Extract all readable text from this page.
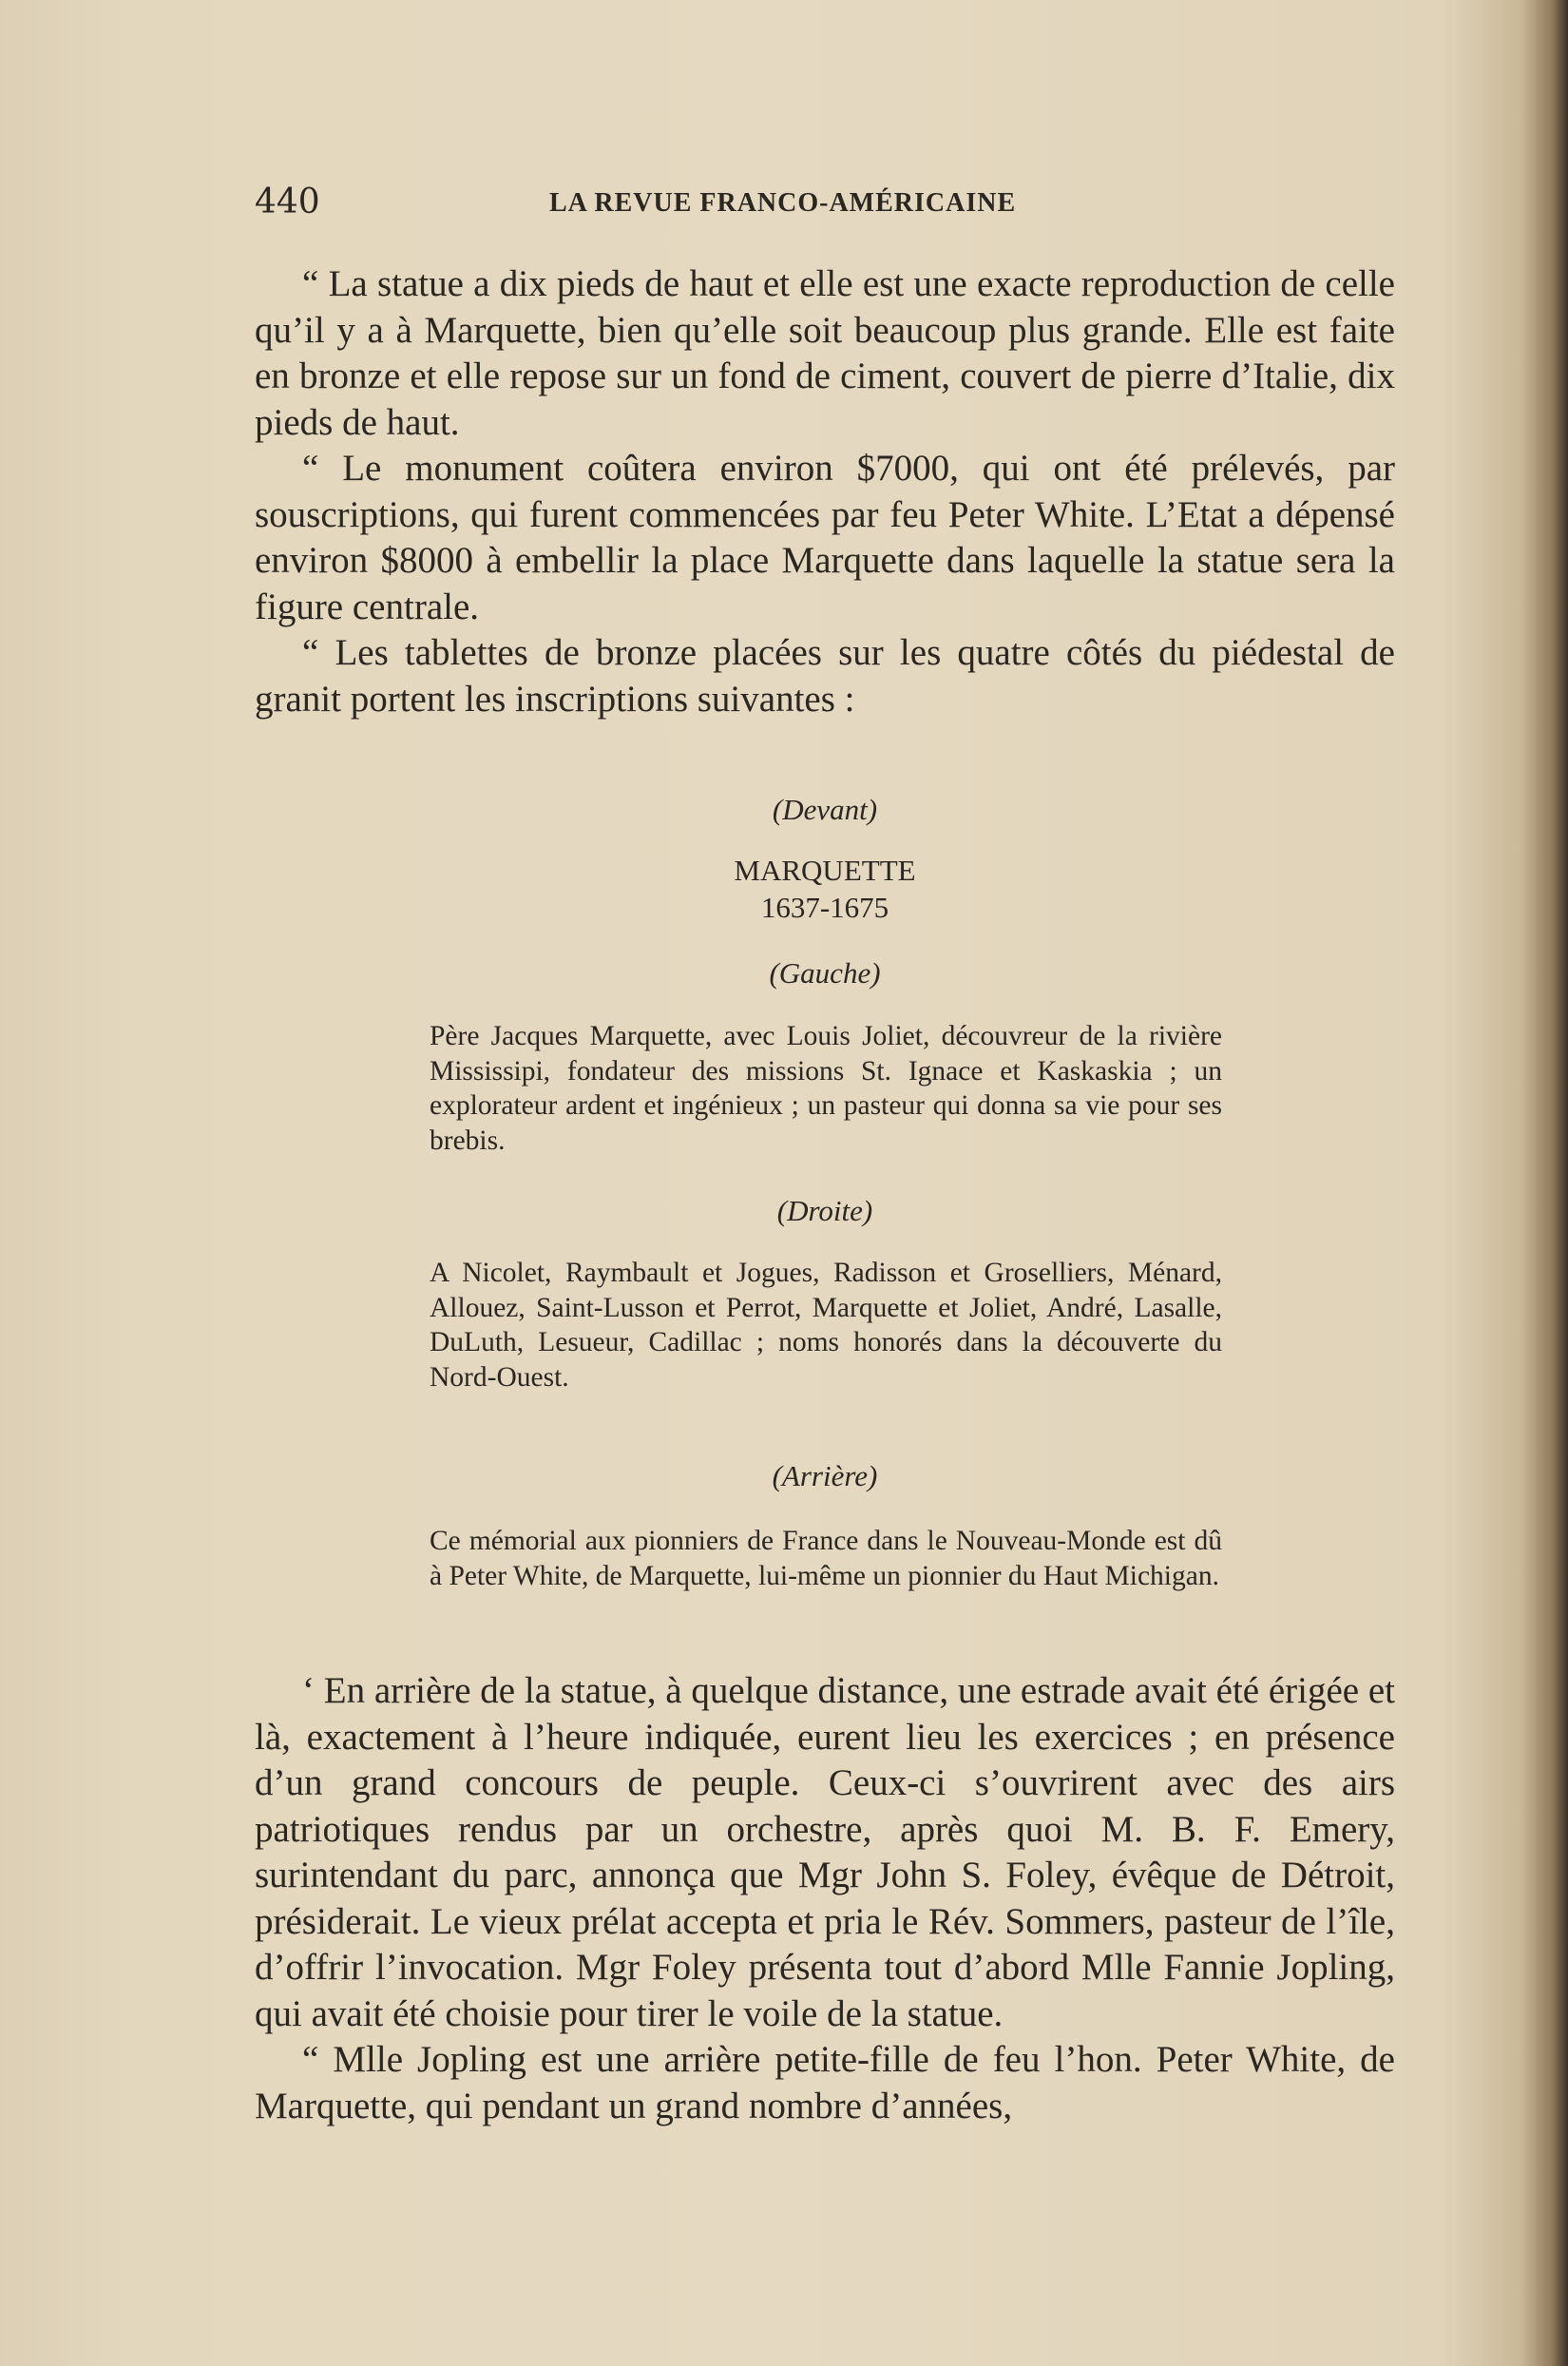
440	LA REVUE FRANCO-AMÉRICAINE

“ La statue a dix pieds de haut et elle est une exacte reproduction de celle qu’il y a à Marquette, bien qu’elle soit beaucoup plus grande. Elle est faite en bronze et elle repose sur un fond de ciment, couvert de pierre d’Italie, dix pieds de haut.

“ Le monument coûtera environ $7000, qui ont été prélevés, par souscriptions, qui furent commencées par feu Peter White. L’Etat a dépensé environ $8000 à embellir la place Marquette dans laquelle la statue sera la figure centrale.

“ Les tablettes de bronze placées sur les quatre côtés du piédestal de granit portent les inscriptions suivantes :

(Devant)
MARQUETTE
1637-1675
(Gauche)
Père Jacques Marquette, avec Louis Joliet, découvreur de la rivière Mississipi, fondateur des missions St. Ignace et Kaskaskia ; un explorateur ardent et ingénieux ; un pasteur qui donna sa vie pour ses brebis.
(Droite)
A Nicolet, Raymbault et Jogues, Radisson et Groselliers, Ménard, Allouez, Saint-Lusson et Perrot, Marquette et Joliet, André, Lasalle, DuLuth, Lesueur, Cadillac ; noms honorés dans la découverte du Nord-Ouest.
(Arrière)
Ce mémorial aux pionniers de France dans le Nouveau-Monde est dû à Peter White, de Marquette, lui-même un pionnier du Haut Michigan.

‘ En arrière de la statue, à quelque distance, une estrade avait été érigée et là, exactement à l’heure indiquée, eurent lieu les exercices ; en présence d’un grand concours de peuple. Ceux-ci s’ouvrirent avec des airs patriotiques rendus par un orchestre, après quoi M. B. F. Emery, surintendant du parc, annonça que Mgr John S. Foley, évêque de Détroit, présiderait. Le vieux prélat accepta et pria le Rév. Sommers, pasteur de l’île, d’offrir l’invocation. Mgr Foley présenta tout d’abord Mlle Fannie Jopling, qui avait été choisie pour tirer le voile de la statue.

“ Mlle Jopling est une arrière petite-fille de feu l’hon. Peter White, de Marquette, qui pendant un grand nombre d’années,
